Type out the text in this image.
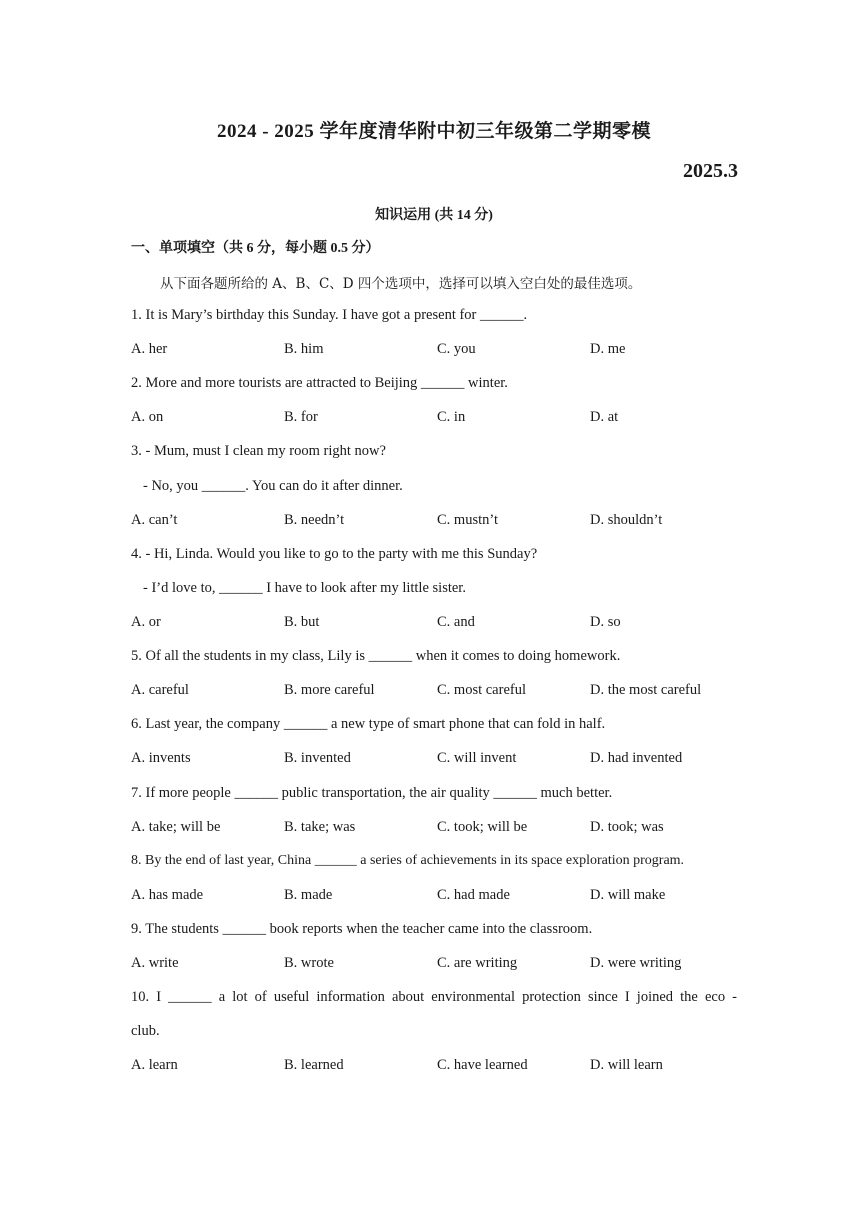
2024 - 2025 学年度清华附中初三年级第二学期零模
2025.3
知识运用 (共 14 分)
一、单项填空（共 6 分，每小题 0.5 分）
从下面各题所给的 A、B、C、D 四个选项中，选择可以填入空白处的最佳选项。
1. It is Mary’s birthday this Sunday. I have got a present for ______.
A. her	B. him	C. you	D. me
2. More and more tourists are attracted to Beijing ______ winter.
A. on	B. for	C. in	D. at
3. - Mum, must I clean my room right now?
- No, you ______. You can do it after dinner.
A. can’t	B. needn’t	C. mustn’t	D. shouldn’t
4. - Hi, Linda. Would you like to go to the party with me this Sunday?
- I’d love to, ______ I have to look after my little sister.
A. or	B. but	C. and	D. so
5. Of all the students in my class, Lily is ______ when it comes to doing homework.
A. careful	B. more careful	C. most careful	D. the most careful
6. Last year, the company ______ a new type of smart phone that can fold in half.
A. invents	B. invented	C. will invent	D. had invented
7. If more people ______ public transportation, the air quality ______ much better.
A. take; will be	B. take; was	C. took; will be	D. took; was
8. By the end of last year, China ______ a series of achievements in its space exploration program.
A. has made	B. made	C. had made	D. will make
9. The students ______ book reports when the teacher came into the classroom.
A. write	B. wrote	C. are writing	D. were writing
10. I ______ a lot of useful information about environmental protection since I joined the eco -
club.
A. learn	B. learned	C. have learned	D. will learn
